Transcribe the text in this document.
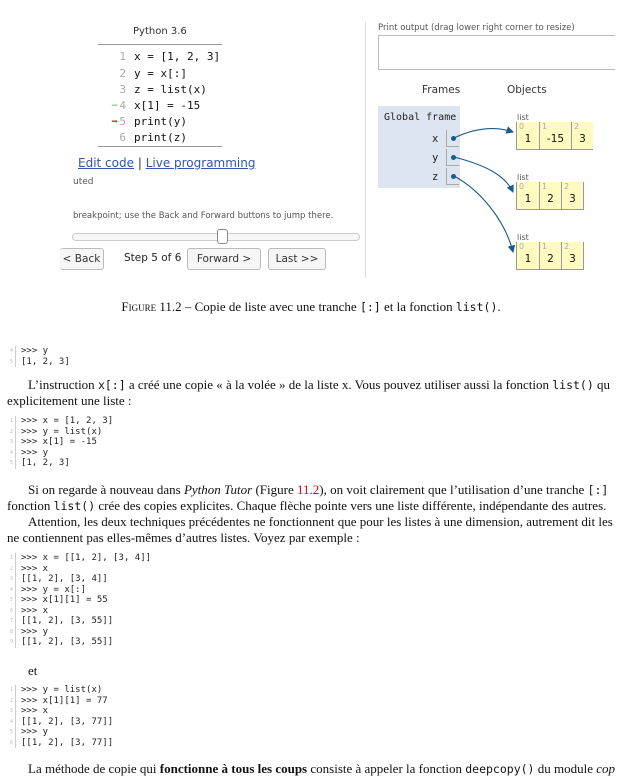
Python 3.6
1 x = [1, 2, 3]
2 y = x[:]
3 z = list(x)
➡ 4 x[1] = -15
➡ 5 print(y)
6 print(z)
Edit code | Live programming
uted
breakpoint; use the Back and Forward buttons to jump there.
< Back	Step 5 of 6	Forward >	Last >>
Print output (drag lower right corner to resize)
Frames	Objects
Global frame
x
y
z
list
0
1
1
-15
2
3
list
0
1
1
2
2
3
list
0
1
1
2
2
3
Figure 11.2 – Copie de liste avec une tranche [:] et la fonction list().
4 >>> y
5 [1, 2, 3]
L’instruction x[:] a créé une copie « à la volée » de la liste x. Vous pouvez utiliser aussi la fonction list() qu
explicitement une liste :
1 >>> x = [1, 2, 3]
2 >>> y = list(x)
3 >>> x[1] = -15
4 >>> y
5 [1, 2, 3]
Si on regarde à nouveau dans Python Tutor (Figure 11.2), on voit clairement que l’utilisation d’une tranche [:]
fonction list() crée des copies explicites. Chaque flèche pointe vers une liste différente, indépendante des autres.
Attention, les deux techniques précédentes ne fonctionnent que pour les listes à une dimension, autrement dit les
ne contiennent pas elles-mêmes d’autres listes. Voyez par exemple :
1 >>> x = [[1, 2], [3, 4]]
2 >>> x
3 [[1, 2], [3, 4]]
4 >>> y = x[:]
5 >>> x[1][1] = 55
6 >>> x
7 [[1, 2], [3, 55]]
8 >>> y
9 [[1, 2], [3, 55]]
et
1 >>> y = list(x)
2 >>> x[1][1] = 77
3 >>> x
4 [[1, 2], [3, 77]]
5 >>> y
6 [[1, 2], [3, 77]]
La méthode de copie qui fonctionne à tous les coups consiste à appeler la fonction deepcopy() du module cop
